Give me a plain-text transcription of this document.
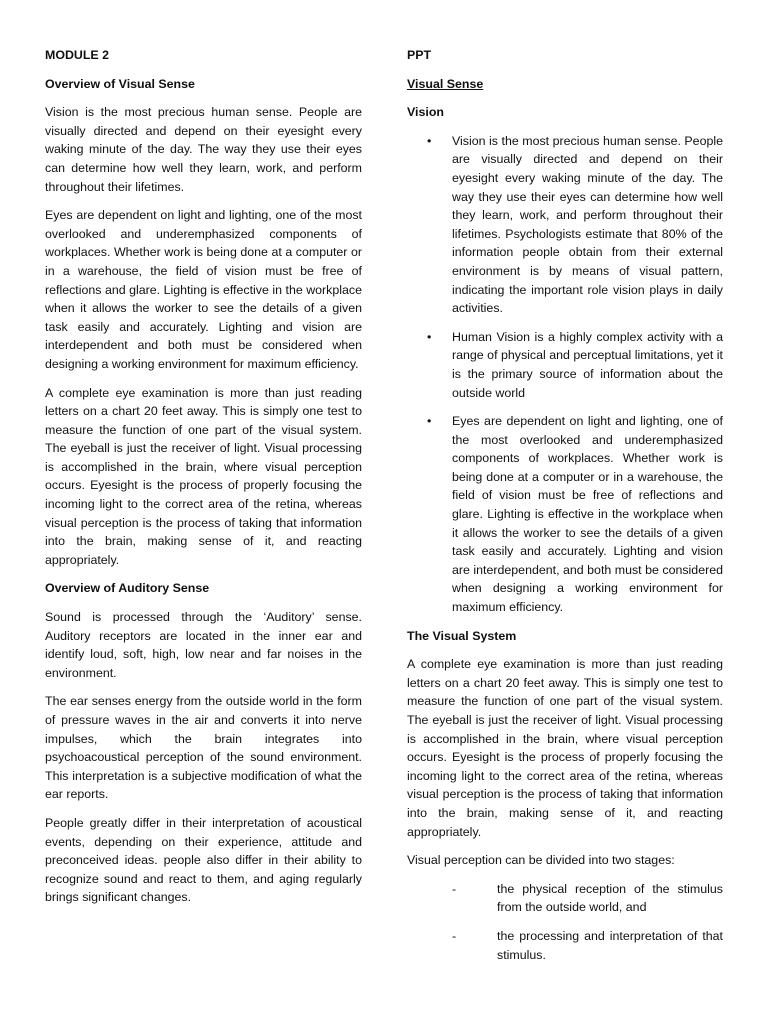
MODULE 2
Overview of Visual Sense

Vision is the most precious human sense. People are visually directed and depend on their eyesight every waking minute of the day. The way they use their eyes can determine how well they learn, work, and perform throughout their lifetimes.

Eyes are dependent on light and lighting, one of the most overlooked and underemphasized components of workplaces. Whether work is being done at a computer or in a warehouse, the field of vision must be free of reflections and glare. Lighting is effective in the workplace when it allows the worker to see the details of a given task easily and accurately. Lighting and vision are interdependent and both must be considered when designing a working environment for maximum efficiency.

A complete eye examination is more than just reading letters on a chart 20 feet away. This is simply one test to measure the function of one part of the visual system. The eyeball is just the receiver of light. Visual processing is accomplished in the brain, where visual perception occurs. Eyesight is the process of properly focusing the incoming light to the correct area of the retina, whereas visual perception is the process of taking that information into the brain, making sense of it, and reacting appropriately.

Overview of Auditory Sense

Sound is processed through the ‘Auditory’ sense. Auditory receptors are located in the inner ear and identify loud, soft, high, low near and far noises in the environment.

The ear senses energy from the outside world in the form of pressure waves in the air and converts it into nerve impulses, which the brain integrates into psychoacoustical perception of the sound environment. This interpretation is a subjective modification of what the ear reports.

People greatly differ in their interpretation of acoustical events, depending on their experience, attitude and preconceived ideas. people also differ in their ability to recognize sound and react to them, and aging regularly brings significant changes.

PPT
Visual Sense
Vision
• Vision is the most precious human sense. People are visually directed and depend on their eyesight every waking minute of the day. The way they use their eyes can determine how well they learn, work, and perform throughout their lifetimes. Psychologists estimate that 80% of the information people obtain from their external environment is by means of visual pattern, indicating the important role vision plays in daily activities.
• Human Vision is a highly complex activity with a range of physical and perceptual limitations, yet it is the primary source of information about the outside world
• Eyes are dependent on light and lighting, one of the most overlooked and underemphasized components of workplaces. Whether work is being done at a computer or in a warehouse, the field of vision must be free of reflections and glare. Lighting is effective in the workplace when it allows the worker to see the details of a given task easily and accurately. Lighting and vision are interdependent, and both must be considered when designing a working environment for maximum efficiency.
The Visual System

A complete eye examination is more than just reading letters on a chart 20 feet away. This is simply one test to measure the function of one part of the visual system. The eyeball is just the receiver of light. Visual processing is accomplished in the brain, where visual perception occurs. Eyesight is the process of properly focusing the incoming light to the correct area of the retina, whereas visual perception is the process of taking that information into the brain, making sense of it, and reacting appropriately.

Visual perception can be divided into two stages:

-	the physical reception of the stimulus from the outside world, and
-	the processing and interpretation of that stimulus.
